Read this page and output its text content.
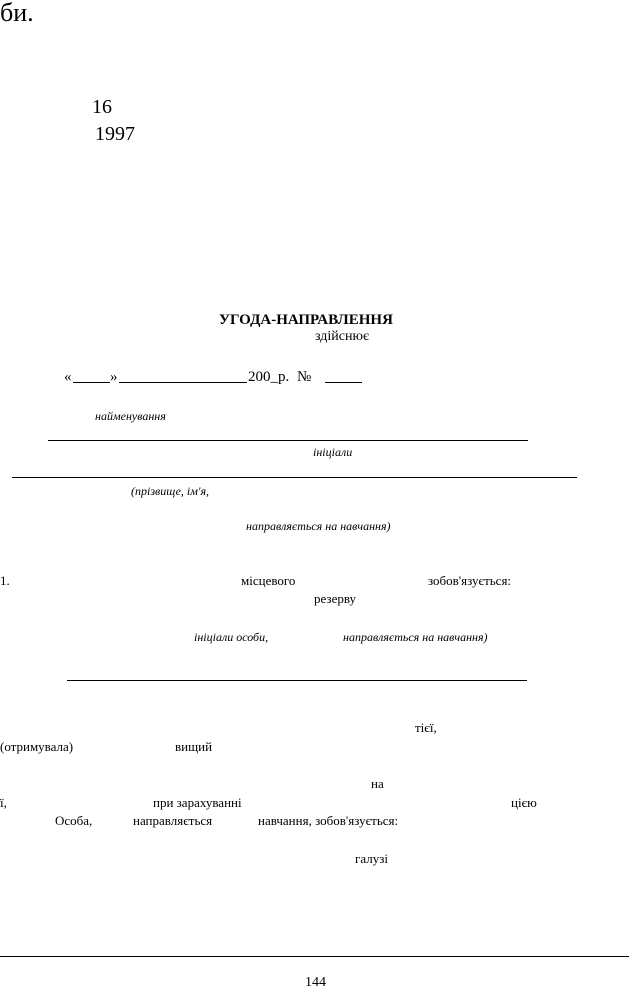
би.
16
1997
УГОДА-НАПРАВЛЕННЯ
здійснює
«	»	200_р. №
найменування
ініціали
(прізвище, ім'я,
направляється на навчання)
1.	місцевого	зобов'язується:
резерву
ініціали особи,	направляється на навчання)
тієї,
(отримувала)	вищий
на
ї,	при зарахуванні	цією
Особа,	направляється	навчання, зобов'язується:
галузі
144
